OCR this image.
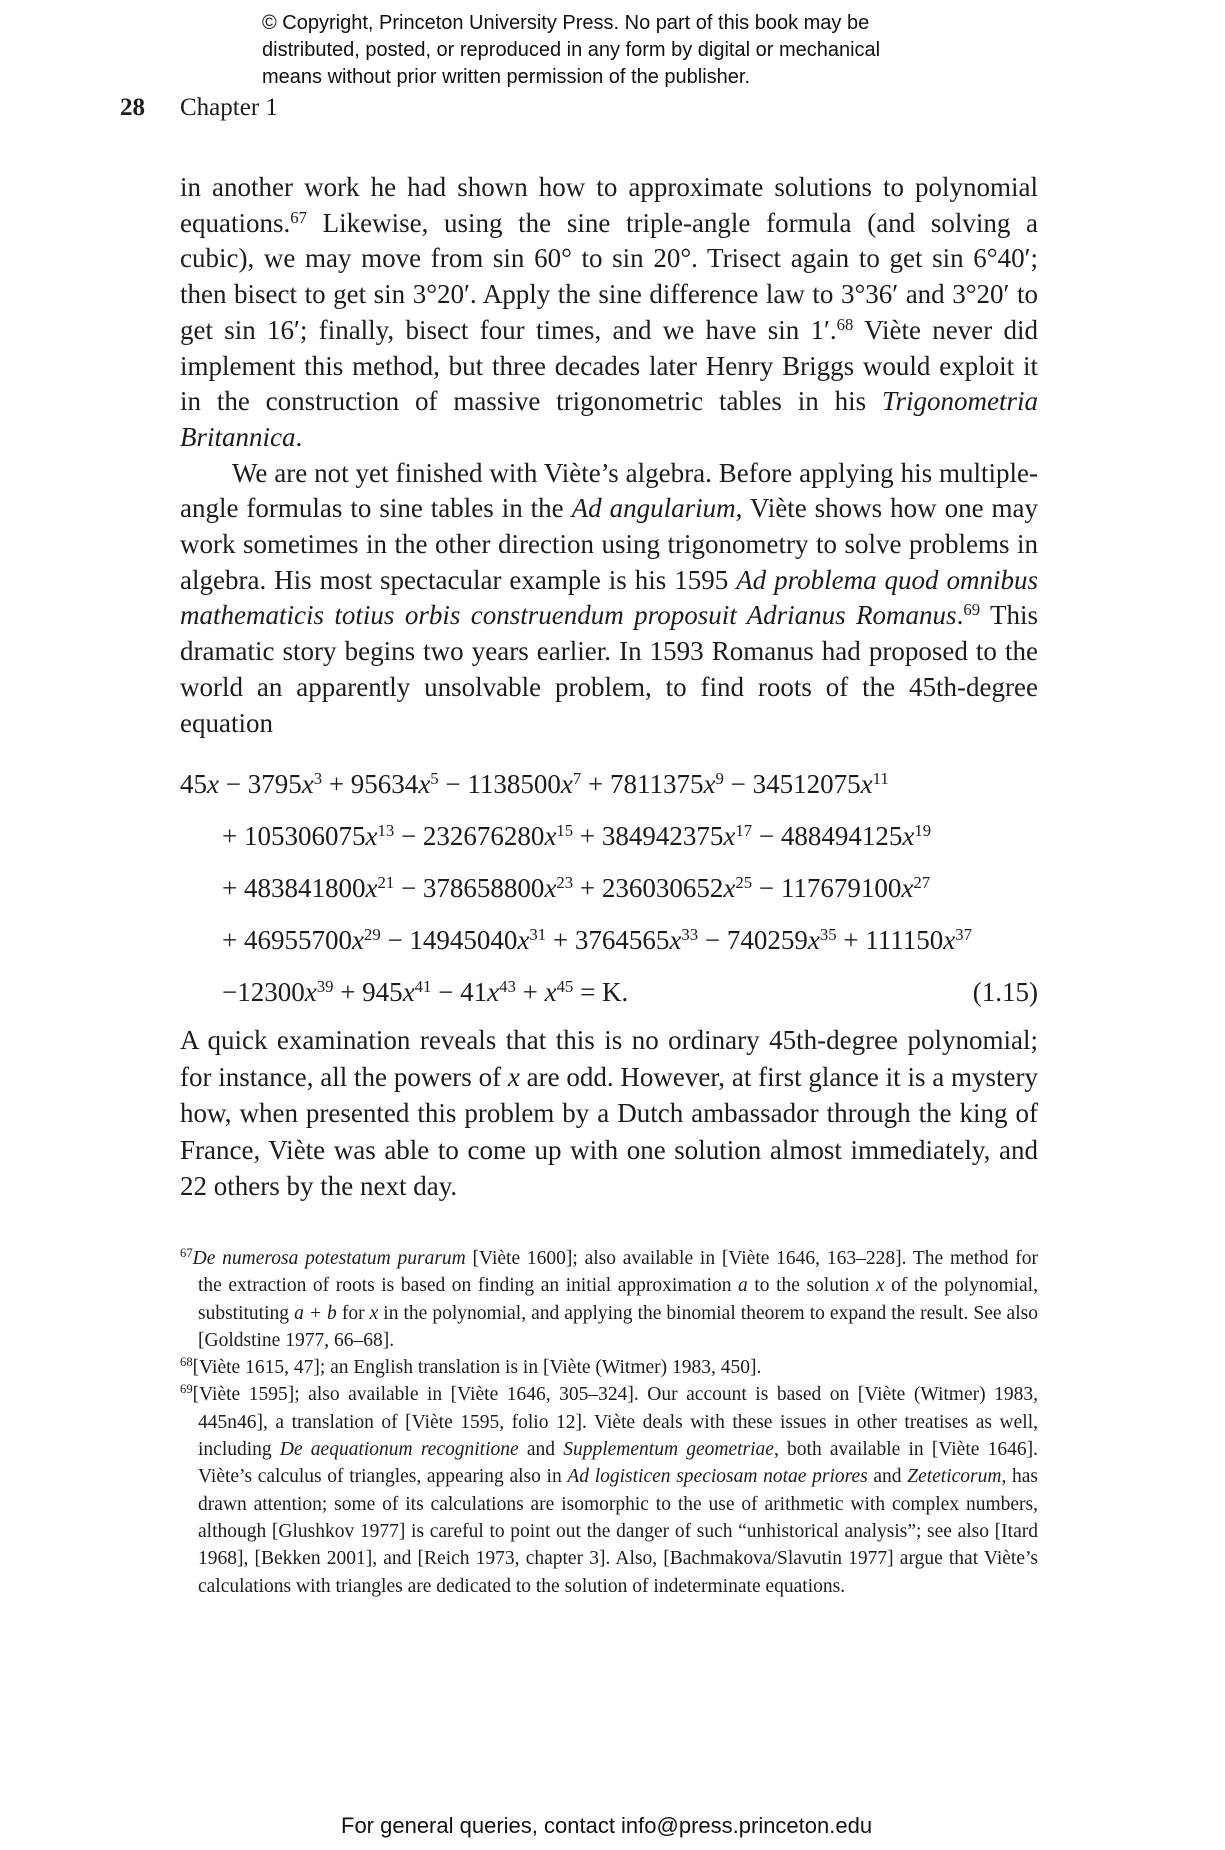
© Copyright, Princeton University Press. No part of this book may be
distributed, posted, or reproduced in any form by digital or mechanical
means without prior written permission of the publisher.
28 Chapter 1

in another work he had shown how to approximate solutions to polynomial equations.$^{67}$ Likewise, using the sine triple-angle formula (and solving a cubic), we may move from sin 60° to sin 20°. Trisect again to get sin 6°40′; then bisect to get sin 3°20′. Apply the sine difference law to 3°36′ and 3°20′ to get sin 16′; finally, bisect four times, and we have sin 1′.$^{68}$ Viète never did implement this method, but three decades later Henry Briggs would exploit it in the construction of massive trigonometric tables in his Trigonometria Britannica.

We are not yet finished with Viète’s algebra. Before applying his multiple-angle formulas to sine tables in the Ad angularium, Viète shows how one may work sometimes in the other direction using trigonometry to solve problems in algebra. His most spectacular example is his 1595 Ad problema quod omnibus mathematicis totius orbis construendum proposuit Adrianus Romanus.$^{69}$ This dramatic story begins two years earlier. In 1593 Romanus had proposed to the world an apparently unsolvable problem, to find roots of the 45th-degree equation

$45x - 3795x^3 + 95634x^5 - 1138500x^7 + 7811375x^9 - 34512075x^{11}$
+ $105306075x^{13} - 232676280x^{15} + 384942375x^{17} - 488494125x^{19}$
+ $483841800x^{21} - 378658800x^{23} + 236030652x^{25} - 117679100x^{27}$
+ $46955700x^{29} - 14945040x^{31} + 3764565x^{33} - 740259x^{35} + 111150x^{37}$
$-12300x^{39} + 945x^{41} - 41x^{43} + x^{45} = K$.	(1.15)

A quick examination reveals that this is no ordinary 45th-degree polynomial; for instance, all the powers of x are odd. However, at first glance it is a mystery how, when presented this problem by a Dutch ambassador through the king of France, Viète was able to come up with one solution almost immediately, and 22 others by the next day.

$^{67}$De numerosa potestatum purarum [Viète 1600]; also available in [Viète 1646, 163–228]. The method for the extraction of roots is based on finding an initial approximation a to the solution x of the polynomial, substituting a + b for x in the polynomial, and applying the binomial theorem to expand the result. See also [Goldstine 1977, 66–68].

$^{68}$[Viète 1615, 47]; an English translation is in [Viète (Witmer) 1983, 450].

$^{69}$[Viète 1595]; also available in [Viète 1646, 305–324]. Our account is based on [Viète (Witmer) 1983, 445n46], a translation of [Viète 1595, folio 12]. Viète deals with these issues in other treatises as well, including De aequationum recognitione and Supplementum geometriae, both available in [Viète 1646]. Viète’s calculus of triangles, appearing also in Ad logisticen speciosam notae priores and Zeteticorum, has drawn attention; some of its calculations are isomorphic to the use of arithmetic with complex numbers, although [Glushkov 1977] is careful to point out the danger of such “unhistorical analysis”; see also [Itard 1968], [Bekken 2001], and [Reich 1973, chapter 3]. Also, [Bachmakova/Slavutin 1977] argue that Viète’s calculations with triangles are dedicated to the solution of indeterminate equations.

For general queries, contact info@press.princeton.edu
